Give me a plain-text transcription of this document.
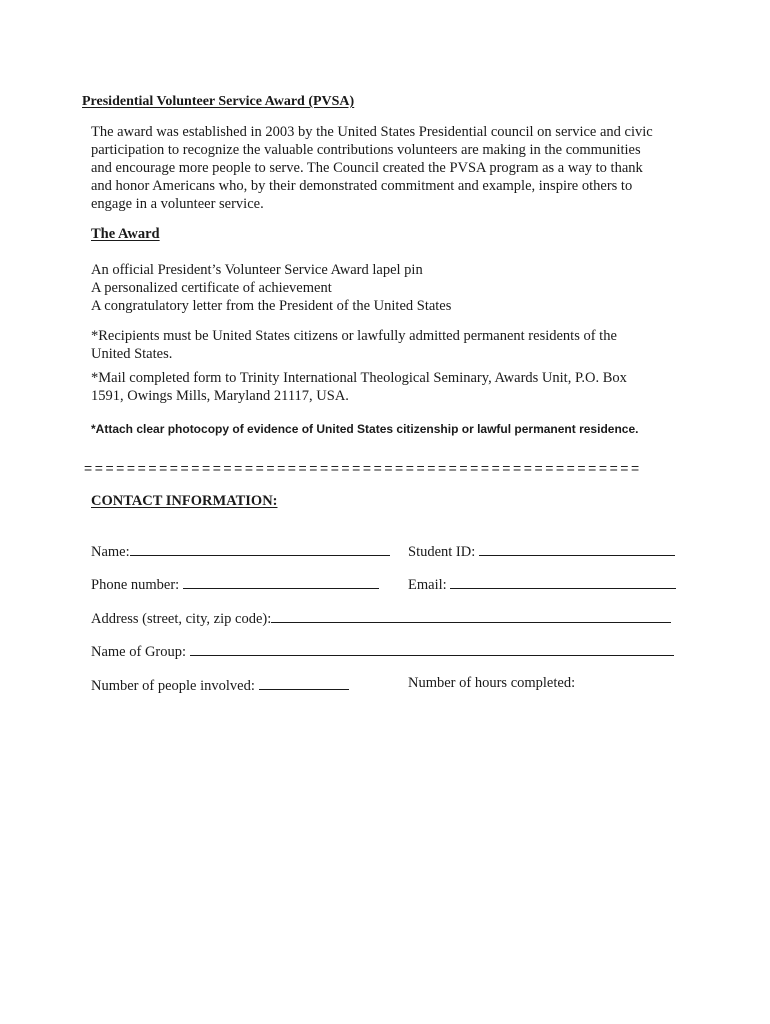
Presidential Volunteer Service Award (PVSA)
The award was established in 2003 by the United States Presidential council on service and civic
participation to recognize the valuable contributions volunteers are making in the communities
and encourage more people to serve. The Council created the PVSA program as a way to thank
and honor Americans who, by their demonstrated commitment and example, inspire others to
engage in a volunteer service.
The Award
An official President’s Volunteer Service Award lapel pin
A personalized certificate of achievement
A congratulatory letter from the President of the United States
*Recipients must be United States citizens or lawfully admitted permanent residents of the
United States.
*Mail completed form to Trinity International Theological Seminary, Awards Unit, P.O. Box
1591, Owings Mills, Maryland 21117, USA.
*Attach clear photocopy of evidence of United States citizenship or lawful permanent residence.
====================================================
CONTACT INFORMATION:
Name:	Student ID:
Phone number:	Email:
Address (street, city, zip code):
Name of Group:
Number of people involved:	Number of hours completed:
